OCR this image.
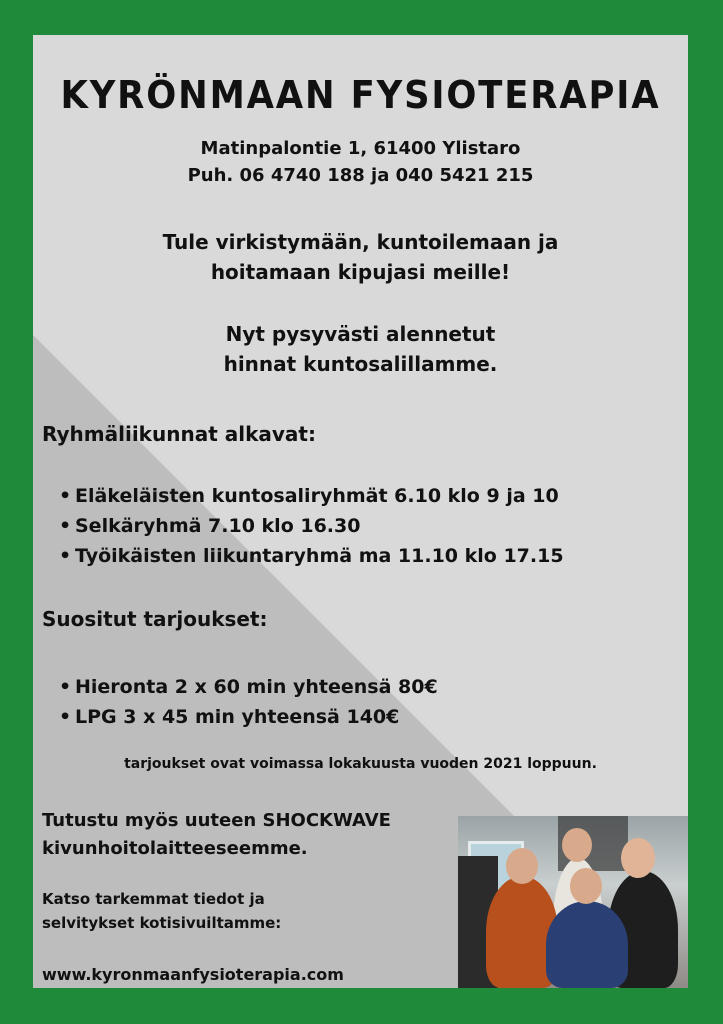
KYRÖNMAAN FYSIOTERAPIA
Matinpalontie 1, 61400 Ylistaro
Puh. 06 4740 188 ja 040 5421 215
Tule virkistymään, kuntoilemaan ja
hoitamaan kipujasi meille!
Nyt pysyvästi alennetut
hinnat kuntosalillamme.
Ryhmäliikunnat alkavat:
• Eläkeläisten kuntosaliryhmät 6.10 klo 9 ja 10
• Selkäryhmä 7.10 klo 16.30
• Työikäisten liikuntaryhmä ma 11.10 klo 17.15
Suositut tarjoukset:
• Hieronta 2 x 60 min yhteensä 80€
• LPG 3 x 45 min yhteensä 140€
tarjoukset ovat voimassa lokakuusta vuoden 2021 loppuun.
Tutustu myös uuteen SHOCKWAVE
kivunhoitolaitteeseemme.
Katso tarkemmat tiedot ja
selvitykset kotisivuiltamme:
www.kyronmaanfysioterapia.com
